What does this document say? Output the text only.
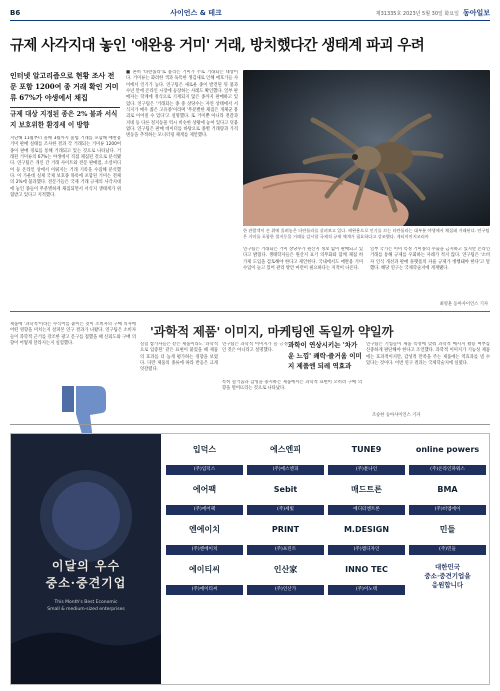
B6	사이언스 & 테크	제31335호 2023년 5월 30일 화요일 동아일보
규제 사각지대 놓인 '애완용 거미' 거래, 방치했다간 생태계 파괴 우려
인터넷 알고리즘으로 현황 조사 전문 포함 1200여 종 거래 확인 거미류 67%가 야생에서 채집
규제 대상 지정된 종은 2% 불과 서식지 보호위한 환경세 이 방향
지난해 11월부터 올해 3월까지 불법 거래를 포함해 애완용 거미 판매 실태를 조사한 결과 각 거래되는 거미류 1200여 종이 판매 경로를 통해 거래되고 있는 것으로 나타났다. 거래된 거미류의 67%는 야생에서 직접 채집된 것으로 분석됐다. 연구팀은 개인 간 거래 사이트와 전문 판매점, 소셜미디어 등 온라인 상에서 이뤄지는 거래 기록을 수집해 분석했다. 이 가운데 실제 국제 보호종 목록에 포함된 거미는 전체의 2%에 불과했다. 전문가들은 국제 거래 규제의 사각지대에 놓인 종들이 무분별하게 채집되면서 서식지 생태계가 위협받고 있다고 지적했다.
■ 흔히 '타란툴라'로 불리는 거미가 주로 거래되는 대상이다. 거미류는 화려한 색과 독특한 생김새로 인해 애호가들 사이에서 인기가 높다. 연구팀은 새로운 종이 발견된 뒤 불과 수년 만에 온라인 시장에 등장하는 사례도 확인했다. 일부 판매자는 학계에 정식으로 기재되지 않은 종까지 판매하고 있었다. 연구팀은 '거래되는 종 중 상당수는 자연 상태에서 서식지가 매우 좁은 고유종'이라며 '무분별한 채집은 개체군 붕괴로 이어질 수 있다'고 설명했다. 또 거미뿐 아니라 전갈과 지네 등 다른 절지동물 역시 비슷한 상황에 놓여 있다고 덧붙였다. 연구팀은 판매 데이터를 바탕으로 종별 거래량과 가격 변동을 추적하는 모니터링 체계를 제안했다.
한 관람객이 손 위에 올려놓은 타란툴라를 살펴보고 있다. 애완용으로 인기를 끄는 타란툴라는 대부분 야생에서 채집돼 거래된다. 연구팀은 거미를 포함한 절지동물 거래를 감시할 국제적 규제 체계가 필요하다고 강조했다. 게티이미지코리아
연구팀은 거래되는 거미 상당수가 원산지 정보 없이 판매되고 있다고 밝혔다. 생태학자들은 원산지 표기 의무화와 함께 채집 허가제 도입을 검토해야 한다고 제안한다. 국내에서도 애완용 거미 수입이 늘고 있어 관리 방안 마련이 필요하다는 지적이 나온다.
일부 국가는 이미 특정 거미종의 수출을 금지하고 있지만 온라인 거래를 통해 규제를 우회하는 사례가 적지 않다. 연구팀은 '소비자 인식 개선과 판매 플랫폼의 자율 규제가 병행돼야 한다'고 말했다. 해당 연구는 국제학술지에 게재됐다.
최영훈 동아사이언스 기자
'과학적 제품' 이미지, 마케팅엔 독일까 약일까
제품에 '과학적'이라는 수식어를 붙이는 것이 소비자의 구매 의사에 어떤 영향을 미치는지 살펴본 연구 결과가 나왔다. 연구팀은 소비자들이 과학적 근거를 강조한 광고 문구를 접했을 때 신뢰도와 구매 의향이 어떻게 달라지는지 실험했다.	실험 참가자들은 같은 제품이라도 '과학적으로 입증된' 같은 표현이 붙었을 때 제품의 효과를 더 높게 평가하는 경향을 보였다. 다만 제품의 종류에 따라 반응은 크게 엇갈렸다.
연구팀은 과학적 이미지가 늘 긍정적인 것은 아니라고 설명했다.
과학이 연상시키는 '차가운 느낌' 쾌락·즐거움 이미지 제품엔 되레 역효과
특히 즐거움과 감성을 중시하는 제품에서는 과학적 표현이 오히려 구매 의향을 떨어뜨리는 것으로 나타났다.
연구팀은 기업들이 제품 특성에 맞춰 과학적 메시지 활용 여부를 신중하게 판단해야 한다고 조언했다. 과학적 이미지가 기능성 제품에는 효과적이지만, 감성적 만족을 주는 제품에는 역효과를 낼 수 있다는 것이다. 이번 연구 결과는 국제학술지에 실렸다.
조승한 동아사이언스 기자
이달의 우수
중소·중견기업
This Month's Best Economic
Small & medium-sized enterprises
입덕스
(주)입덕스
에스엔피
(주)에스엔피
TUNE9
(주)튠나인
online powers
(주)온라인파워스
에어팩
(주)에어팩
Sebit
(주)세빛
매드트론
에디터엔트론
BMA
(주)비엠에이
엔에이치
(주)엔에이치
PRINT
(주)프린트
M.DESIGN
(주)엠디자인
민들
(주)민들
에이티씨
(주)에이티씨
인산家
(주)인산가
INNO TEC
(주)이노텍
대한민국
중소·중견기업을
응원합니다
